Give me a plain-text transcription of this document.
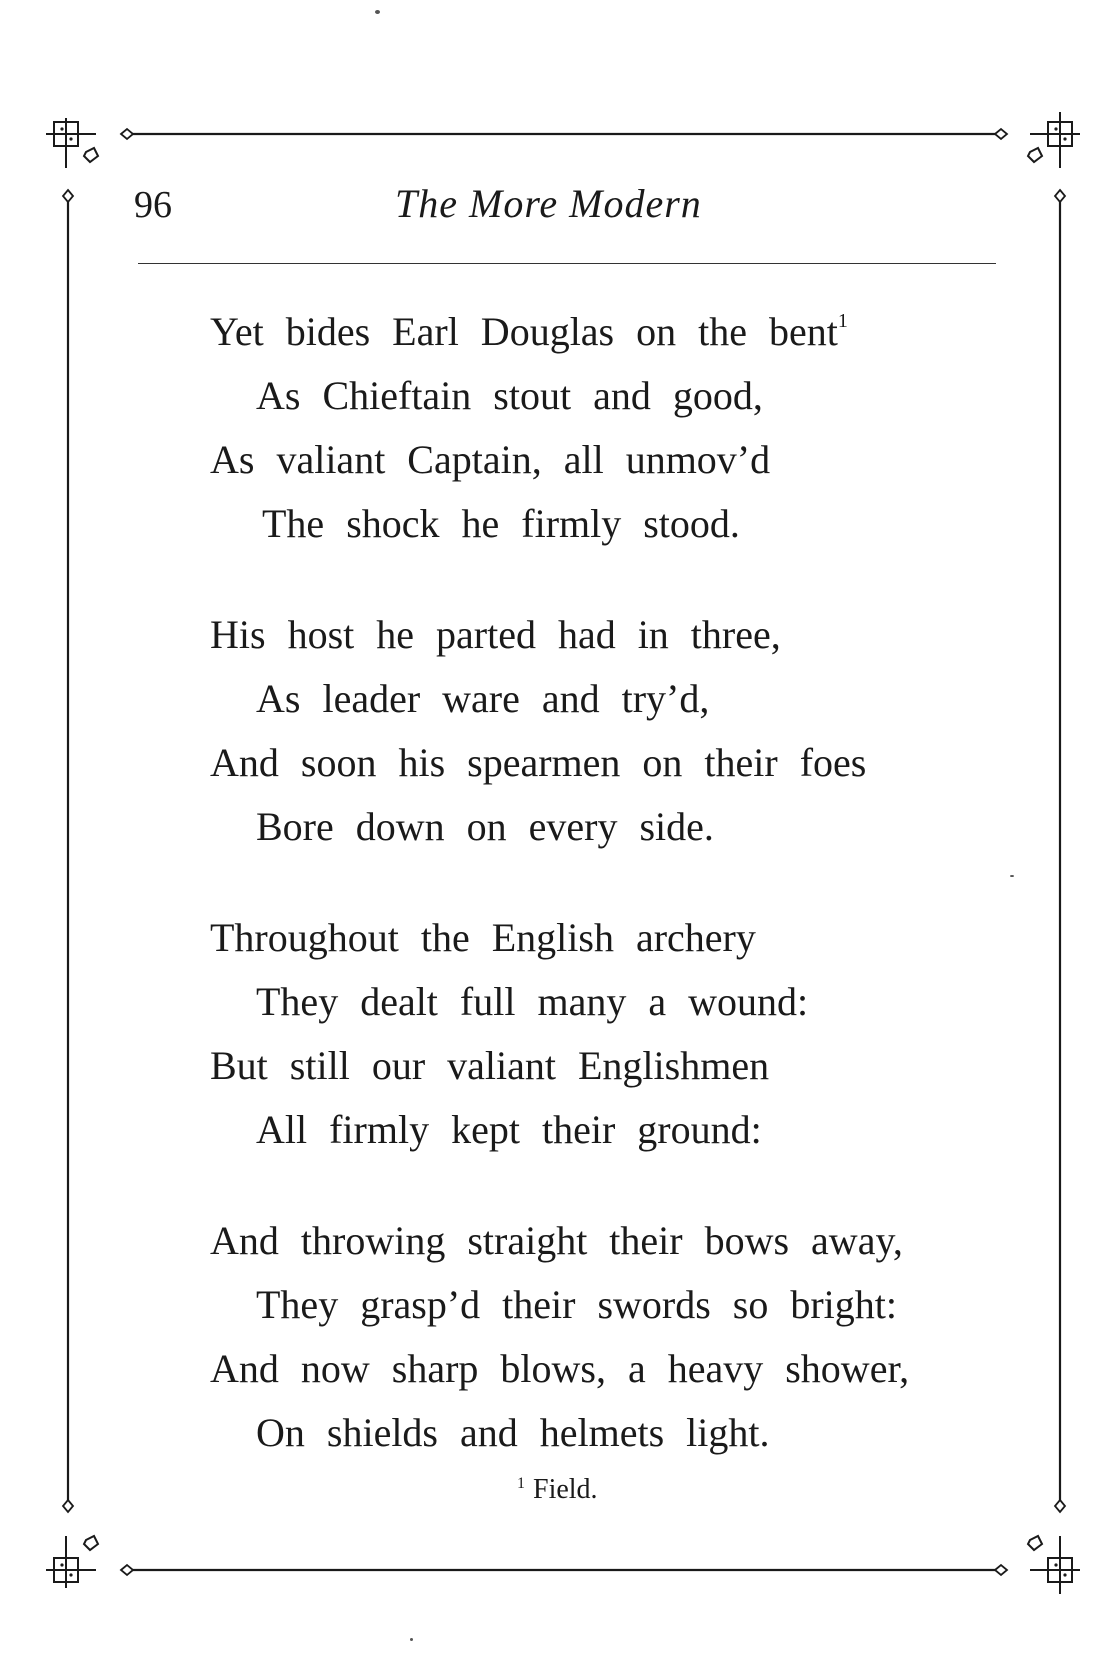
96	The More Modern
Yet bides Earl Douglas on the bent$^1$
As Chieftain stout and good,
As valiant Captain, all unmov’d
The shock he firmly stood.
His host he parted had in three,
As leader ware and try’d,
And soon his spearmen on their foes
Bore down on every side.
Throughout the English archery
They dealt full many a wound:
But still our valiant Englishmen
All firmly kept their ground:
And throwing straight their bows away,
They grasp’d their swords so bright:
And now sharp blows, a heavy shower,
On shields and helmets light.
$^1$ Field.
